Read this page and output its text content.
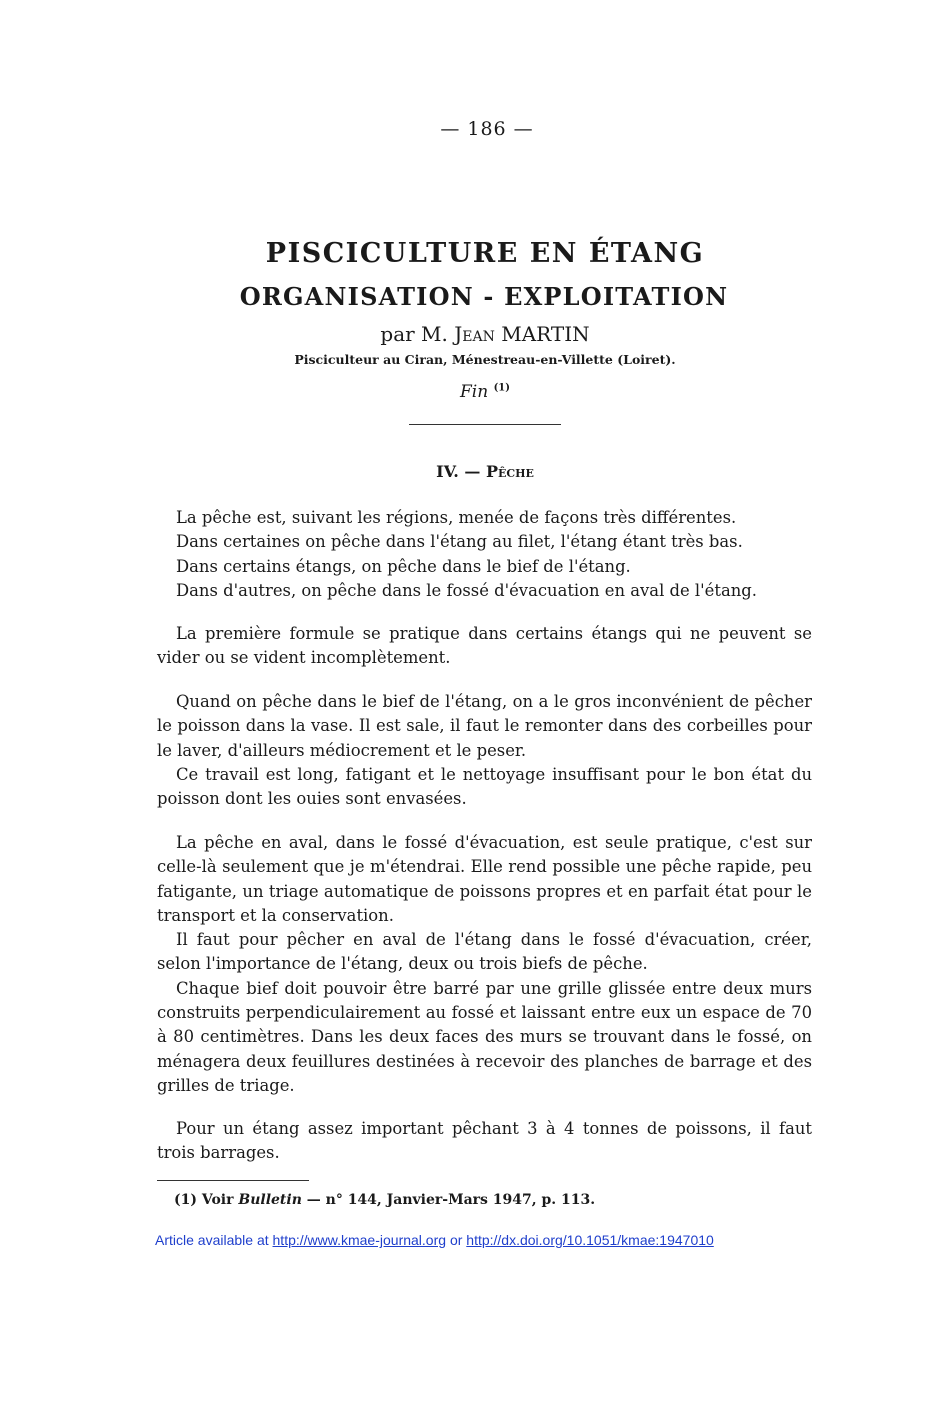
— 186 —
PISCICULTURE EN ÉTANG
ORGANISATION - EXPLOITATION
par M. Jean MARTIN
Pisciculteur au Ciran, Ménestreau-en-Villette (Loiret).
Fin $^{(1)}$
IV. — Pêche

La pêche est, suivant les régions, menée de façons très différentes.

Dans certaines on pêche dans l'étang au filet, l'étang étant très bas.

Dans certains étangs, on pêche dans le bief de l'étang.

Dans d'autres, on pêche dans le fossé d'évacuation en aval de l'étang.

La première formule se pratique dans certains étangs qui ne peuvent se vider ou se vident incomplètement.

Quand on pêche dans le bief de l'étang, on a le gros inconvénient de pêcher le poisson dans la vase. Il est sale, il faut le remonter dans des corbeilles pour le laver, d'ailleurs médiocrement et le peser.

Ce travail est long, fatigant et le nettoyage insuffisant pour le bon état du poisson dont les ouies sont envasées.

La pêche en aval, dans le fossé d'évacuation, est seule pratique, c'est sur celle-là seulement que je m'étendrai. Elle rend possible une pêche rapide, peu fatigante, un triage automatique de poissons propres et en parfait état pour le transport et la conservation.

Il faut pour pêcher en aval de l'étang dans le fossé d'évacuation, créer, selon l'importance de l'étang, deux ou trois biefs de pêche.

Chaque bief doit pouvoir être barré par une grille glissée entre deux murs construits perpendiculairement au fossé et laissant entre eux un espace de 70 à 80 centimètres. Dans les deux faces des murs se trouvant dans le fossé, on ménagera deux feuillures destinées à recevoir des planches de barrage et des grilles de triage.

Pour un étang assez important pêchant 3 à 4 tonnes de poissons, il faut trois barrages.

(1) Voir Bulletin — n° 144, Janvier-Mars 1947, p. 113.
Article available at http://www.kmae-journal.org or http://dx.doi.org/10.1051/kmae:1947010
